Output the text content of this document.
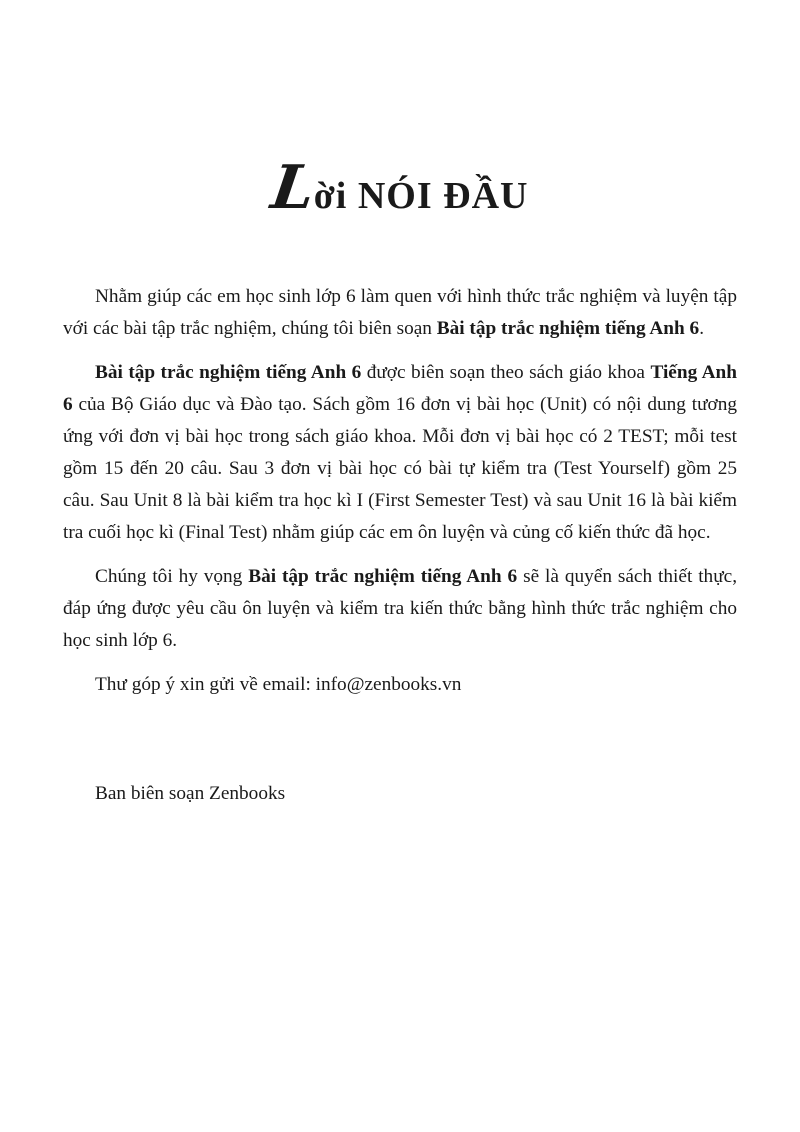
Lời NÓI ĐẦU

Nhằm giúp các em học sinh lớp 6 làm quen với hình thức trắc nghiệm và luyện tập với các bài tập trắc nghiệm, chúng tôi biên soạn Bài tập trắc nghiệm tiếng Anh 6.

Bài tập trắc nghiệm tiếng Anh 6 được biên soạn theo sách giáo khoa Tiếng Anh 6 của Bộ Giáo dục và Đào tạo. Sách gồm 16 đơn vị bài học (Unit) có nội dung tương ứng với đơn vị bài học trong sách giáo khoa. Mỗi đơn vị bài học có 2 TEST; mỗi test gồm 15 đến 20 câu. Sau 3 đơn vị bài học có bài tự kiểm tra (Test Yourself) gồm 25 câu. Sau Unit 8 là bài kiểm tra học kì I (First Semester Test) và sau Unit 16 là bài kiểm tra cuối học kì (Final Test) nhằm giúp các em ôn luyện và củng cố kiến thức đã học.

Chúng tôi hy vọng Bài tập trắc nghiệm tiếng Anh 6 sẽ là quyển sách thiết thực, đáp ứng được yêu cầu ôn luyện và kiểm tra kiến thức bằng hình thức trắc nghiệm cho học sinh lớp 6.

Thư góp ý xin gửi về email: info@zenbooks.vn

Ban biên soạn Zenbooks
